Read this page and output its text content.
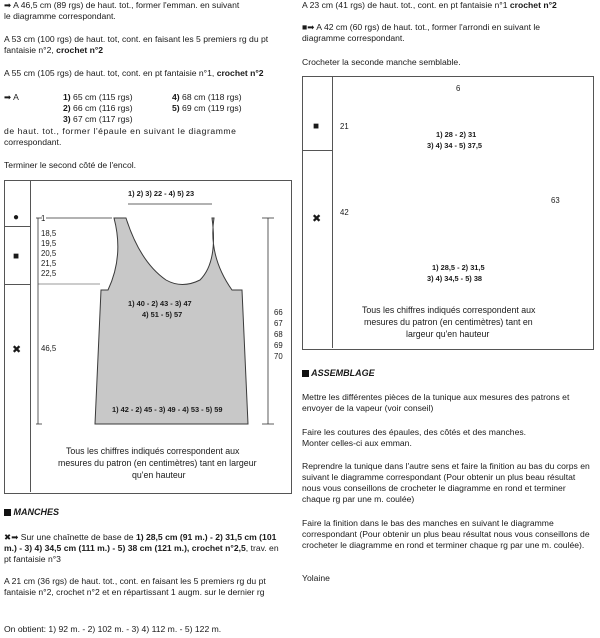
➡ A 46,5 cm (89 rgs) de haut. tot., former l'emman. en suivant
le diagramme correspondant.
A 53 cm (100 rgs) de haut. tot, cont. en faisant les 5 premiers rg du pt
fantaisie n°2, crochet n°2
A 55 cm (105 rgs) de haut. tot, cont. en pt fantaisie n°1, crochet n°2
➡ A	1) 65 cm (115 rgs)	4) 68 cm (118 rgs)
2) 66 cm (116 rgs)	5) 69 cm (119 rgs)
3) 67 cm (117 rgs)
de haut. tot., former l'épaule en suivant le diagramme
correspondant.
Terminer le second côté de l'encol.
●
■
✖
1) 2) 3) 22 - 4) 5) 23
1
18,5
19,5
20,5
21,5
22,5
46,5
1) 40 - 2) 43 - 3) 47
4) 51 - 5) 57
1) 42 - 2) 45 - 3) 49 - 4) 53 - 5) 59
66
67
68
69
70
Tous les chiffres indiqués correspondent aux
mesures du patron (en centimètres) tant en largeur
qu'en hauteur
MANCHES
✖➡ Sur une chaînette de base de 1) 28,5 cm (91 m.) - 2) 31,5 cm (101 m.) - 3) 4) 34,5 cm (111 m.) - 5) 38 cm (121 m.), crochet n°2,5, trav. en pt fantaisie n°3
A 21 cm (36 rgs) de haut. tot., cont. en faisant les 5 premiers rg du pt fantaisie n°2, crochet n°2 et en répartissant 1 augm. sur le dernier rg
On obtient: 1) 92 m. - 2) 102 m. - 3) 4) 112 m. - 5) 122 m.
A 23 cm (41 rgs) de haut. tot., cont. en pt fantaisie n°1 crochet n°2
■➡ A 42 cm (60 rgs) de haut. tot., former l'arrondi en suivant le
diagramme correspondant.
Crocheter la seconde manche semblable.
■
✖
6
21
42
63
1) 28 - 2) 31
3) 4) 34 - 5) 37,5
1) 28,5 - 2) 31,5
3) 4) 34,5 - 5) 38
Tous les chiffres indiqués correspondent aux
mesures du patron (en centimètres) tant en
largeur qu'en hauteur
ASSEMBLAGE
Mettre les différentes pièces de la tunique aux mesures des patrons et envoyer de la vapeur (voir conseil)
Faire les coutures des épaules, des côtés et des manches. Monter celles-ci aux emman.
Reprendre la tunique dans l'autre sens et faire la finition au bas du corps en suivant le diagramme correspondant (Pour obtenir un plus beau résultat nous vous conseillons de crocheter le diagramme en rond et terminer chaque rg par une m. coulée)
Faire la finition dans le bas des manches en suivant le diagramme correspondant (Pour obtenir un plus beau résultat nous vous conseillons de crocheter le diagramme en rond et terminer chaque rg par une m. coulée).
Yolaine
